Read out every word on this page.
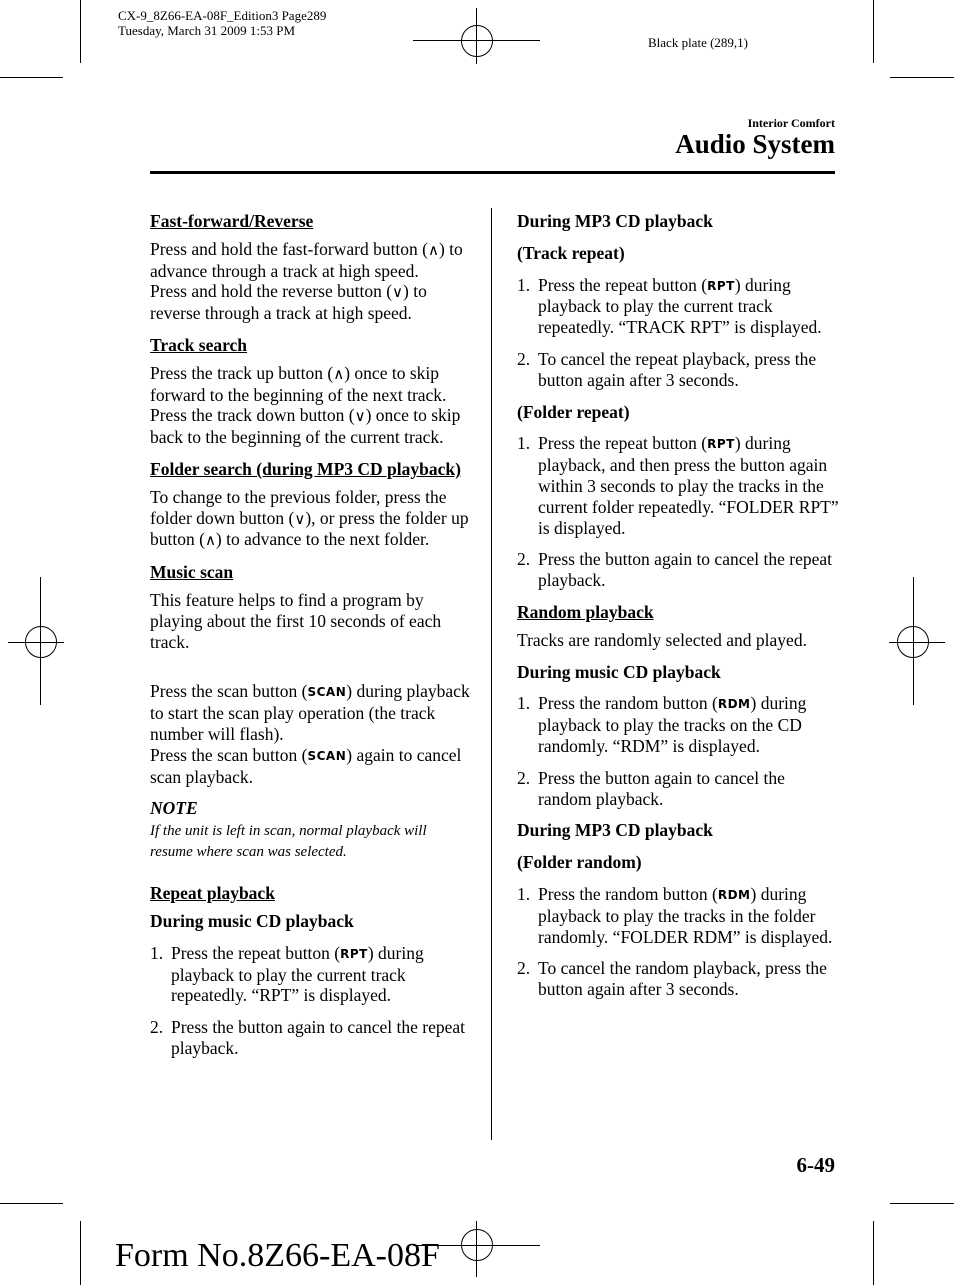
CX-9_8Z66-EA-08F_Edition3 Page289
Tuesday, March 31 2009 1:53 PM
Black plate (289,1)
Interior Comfort
Audio System
Fast-forward/Reverse

Press and hold the fast-forward button (∧) to advance through a track at high speed.
Press and hold the reverse button (∨) to reverse through a track at high speed.

Track search

Press the track up button (∧) once to skip forward to the beginning of the next track.
Press the track down button (∨) once to skip back to the beginning of the current track.

Folder search (during MP3 CD playback)

To change to the previous folder, press the folder down button (∨), or press the folder up button (∧) to advance to the next folder.

Music scan

This feature helps to find a program by playing about the first 10 seconds of each track.

Press the scan button (SCAN) during playback to start the scan play operation (the track number will flash).
Press the scan button (SCAN) again to cancel scan playback.

NOTE
If the unit is left in scan, normal playback will resume where scan was selected.
Repeat playback
During music CD playback
1. Press the repeat button (RPT) during playback to play the current track repeatedly. “RPT” is displayed.
2. Press the button again to cancel the repeat playback.
During MP3 CD playback
(Track repeat)
1. Press the repeat button (RPT) during playback to play the current track repeatedly. “TRACK RPT” is displayed.
2. To cancel the repeat playback, press the button again after 3 seconds.
(Folder repeat)
1. Press the repeat button (RPT) during playback, and then press the button again within 3 seconds to play the tracks in the current folder repeatedly. “FOLDER RPT” is displayed.
2. Press the button again to cancel the repeat playback.
Random playback

Tracks are randomly selected and played.

During music CD playback
1. Press the random button (RDM) during playback to play the tracks on the CD randomly. “RDM” is displayed.
2. Press the button again to cancel the random playback.
During MP3 CD playback
(Folder random)
1. Press the random button (RDM) during playback to play the tracks in the folder randomly. “FOLDER RDM” is displayed.
2. To cancel the random playback, press the button again after 3 seconds.
6-49
Form No.8Z66-EA-08F
